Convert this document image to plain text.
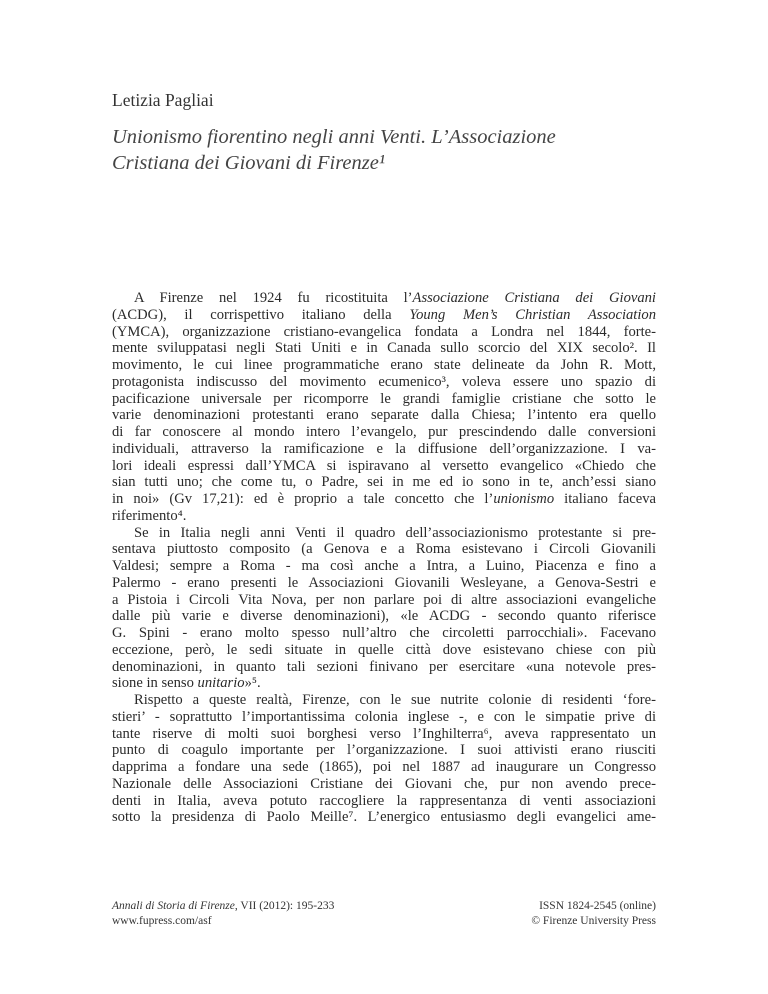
Letizia Pagliai
Unionismo fiorentino negli anni Venti. L’Associazione
Cristiana dei Giovani di Firenze¹
A Firenze nel 1924 fu ricostituita l’Associazione Cristiana dei Giovani
(ACDG), il corrispettivo italiano della Young Men’s Christian Association
(YMCA), organizzazione cristiano-evangelica fondata a Londra nel 1844, forte-
mente sviluppatasi negli Stati Uniti e in Canada sullo scorcio del XIX secolo². Il
movimento, le cui linee programmatiche erano state delineate da John R. Mott,
protagonista indiscusso del movimento ecumenico³, voleva essere uno spazio di
pacificazione universale per ricomporre le grandi famiglie cristiane che sotto le
varie denominazioni protestanti erano separate dalla Chiesa; l’intento era quello
di far conoscere al mondo intero l’evangelo, pur prescindendo dalle conversioni
individuali, attraverso la ramificazione e la diffusione dell’organizzazione. I va-
lori ideali espressi dall’YMCA si ispiravano al versetto evangelico «Chiedo che
sian tutti uno; che come tu, o Padre, sei in me ed io sono in te, anch’essi siano
in noi» (Gv 17,21): ed è proprio a tale concetto che l’unionismo italiano faceva
riferimento⁴.
Se in Italia negli anni Venti il quadro dell’associazionismo protestante si pre-
sentava piuttosto composito (a Genova e a Roma esistevano i Circoli Giovanili
Valdesi; sempre a Roma - ma così anche a Intra, a Luino, Piacenza e fino a
Palermo - erano presenti le Associazioni Giovanili Wesleyane, a Genova-Sestri e
a Pistoia i Circoli Vita Nova, per non parlare poi di altre associazioni evangeliche
dalle più varie e diverse denominazioni), «le ACDG - secondo quanto riferisce
G. Spini - erano molto spesso null’altro che circoletti parrocchiali». Facevano
eccezione, però, le sedi situate in quelle città dove esistevano chiese con più
denominazioni, in quanto tali sezioni finivano per esercitare «una notevole pres-
sione in senso unitario»⁵.
Rispetto a queste realtà, Firenze, con le sue nutrite colonie di residenti ‘fore-
stieri’ - soprattutto l’importantissima colonia inglese -, e con le simpatie prive di
tante riserve di molti suoi borghesi verso l’Inghilterra⁶, aveva rappresentato un
punto di coagulo importante per l’organizzazione. I suoi attivisti erano riusciti
dapprima a fondare una sede (1865), poi nel 1887 ad inaugurare un Congresso
Nazionale delle Associazioni Cristiane dei Giovani che, pur non avendo prece-
denti in Italia, aveva potuto raccogliere la rappresentanza di venti associazioni
sotto la presidenza di Paolo Meille⁷. L’energico entusiasmo degli evangelici ame-
Annali di Storia di Firenze, VII (2012): 195-233
www.fupress.com/asf
ISSN 1824-2545 (online)
© Firenze University Press
